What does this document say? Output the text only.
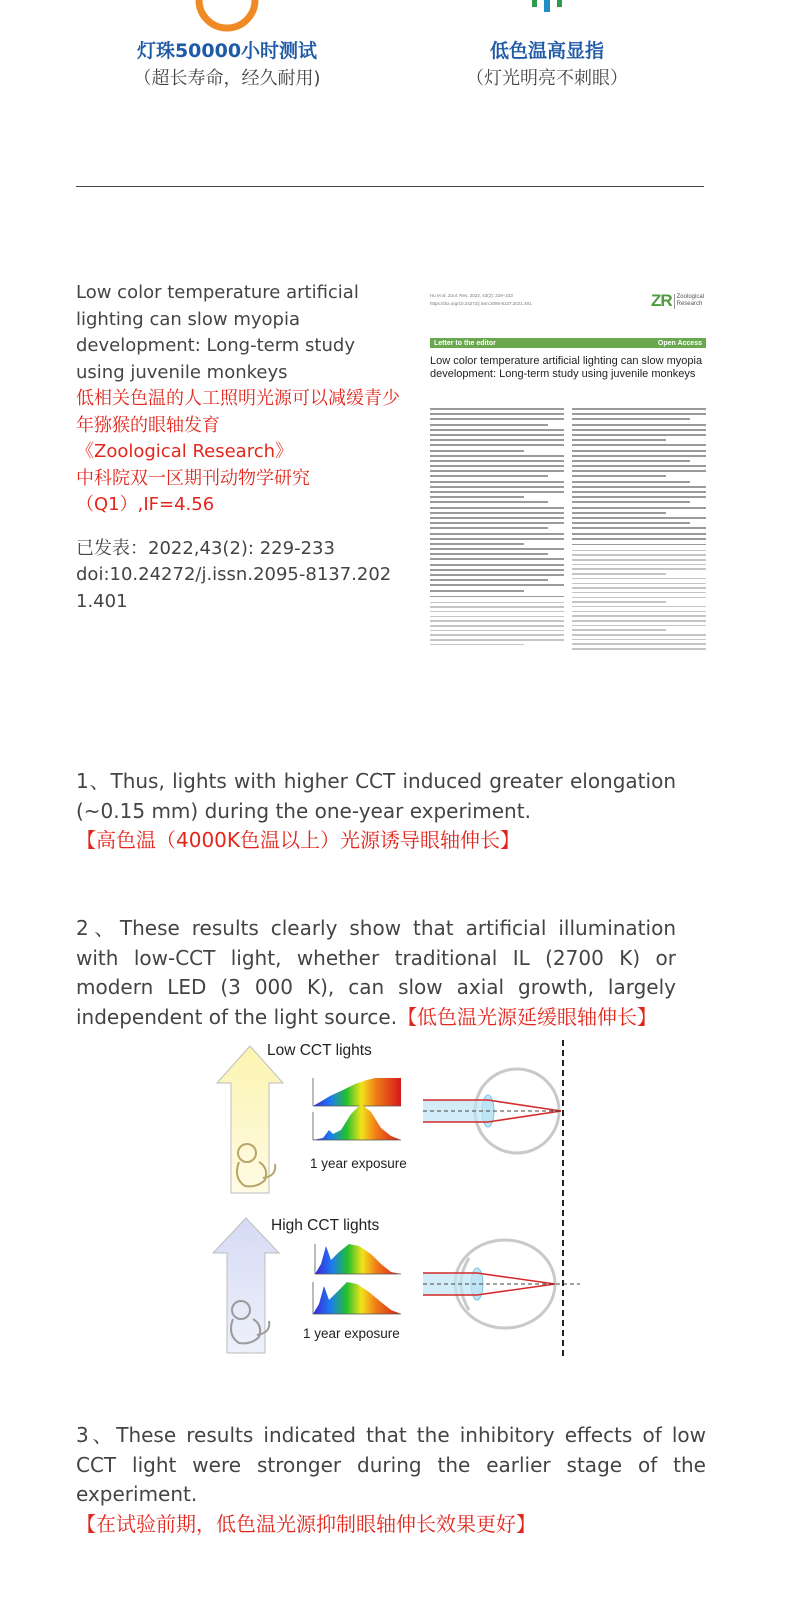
灯珠50000小时测试
（超长寿命，经久耐用)
低色温高显指
（灯光明亮不刺眼）
Low color temperature artificial lighting can slow myopia development: Long-term study using juvenile monkeys
低相关色温的人工照明光源可以减缓青少年猕猴的眼轴发育
《Zoological Research》
中科院双一区期刊动物学研究（Q1）,IF=4.56
已发表：2022,43(2): 229-233
doi:10.24272/j.issn.2095-8137.2021.401
Hu et al. Zool. Res. 2022, 43(2): 229−233
https://doi.org/10.24272/j.issn.2095-8137.2021.401	ZR Zoological
Research
Letter to the editor	Open Access
Low color temperature artificial lighting can slow myopia development: Long-term study using juvenile monkeys
1、Thus, lights with higher CCT induced greater elongation (~0.15 mm) during the one-year experiment.
【高色温（4000K色温以上）光源诱导眼轴伸长】
2、These results clearly show that artificial illumination with low-CCT light, whether traditional IL (2700 K) or modern LED (3 000 K), can slow axial growth, largely independent of the light source.【低色温光源延缓眼轴伸长】
Low CCT lights
1 year exposure
High CCT lights
1 year exposure
3、These results indicated that the inhibitory effects of low CCT light were stronger during the earlier stage of the experiment.
【在试验前期，低色温光源抑制眼轴伸长效果更好】
